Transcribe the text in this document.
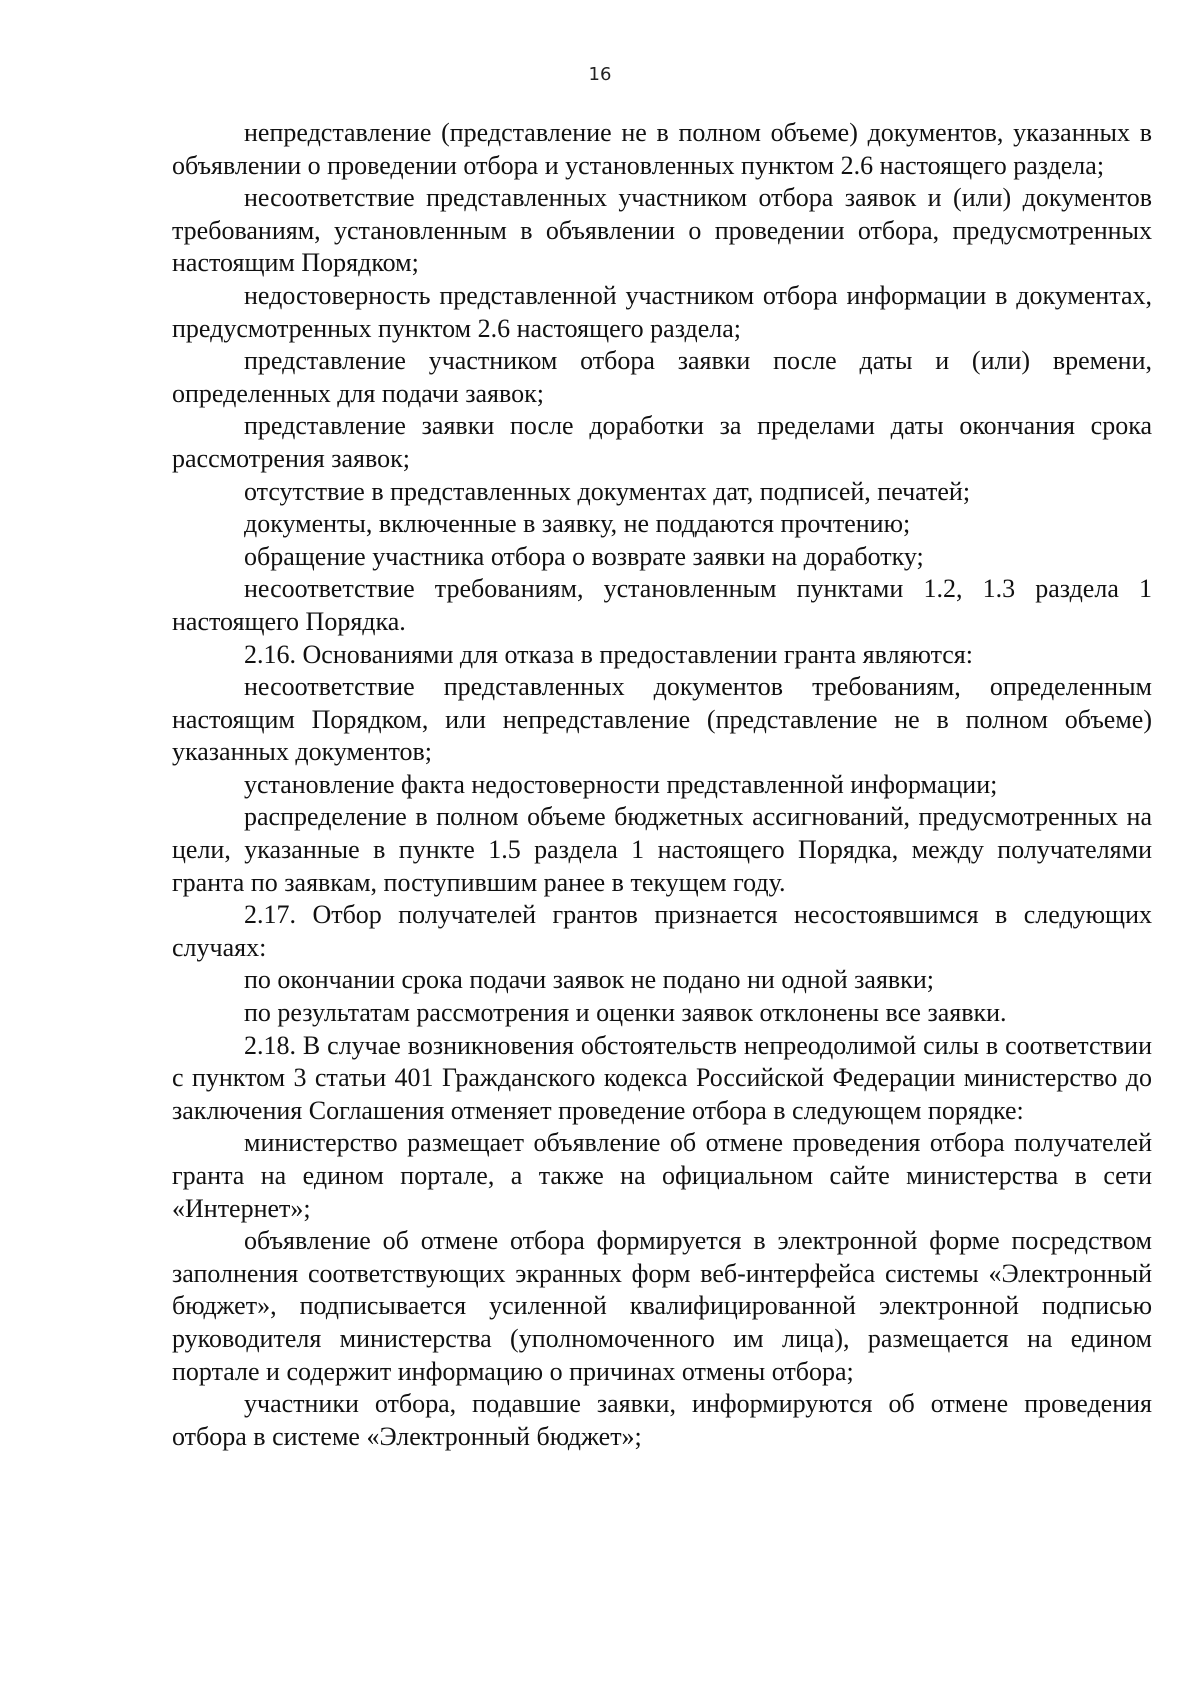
16

непредставление (представление не в полном объеме) документов, указанных в объявлении о проведении отбора и установленных пунктом 2.6 настоящего раздела;

несоответствие представленных участником отбора заявок и (или) документов требованиям, установленным в объявлении о проведении отбора, предусмотренных настоящим Порядком;

недостоверность представленной участником отбора информации в документах, предусмотренных пунктом 2.6 настоящего раздела;

представление участником отбора заявки после даты и (или) времени, определенных для подачи заявок;

представление заявки после доработки за пределами даты окончания срока рассмотрения заявок;

отсутствие в представленных документах дат, подписей, печатей;

документы, включенные в заявку, не поддаются прочтению;

обращение участника отбора о возврате заявки на доработку;

несоответствие требованиям, установленным пунктами 1.2, 1.3 раздела 1 настоящего Порядка.

2.16. Основаниями для отказа в предоставлении гранта являются:

несоответствие представленных документов требованиям, определенным настоящим Порядком, или непредставление (представление не в полном объеме) указанных документов;

установление факта недостоверности представленной информации;

распределение в полном объеме бюджетных ассигнований, предусмотренных на цели, указанные в пункте 1.5 раздела 1 настоящего Порядка, между получателями гранта по заявкам, поступившим ранее в текущем году.

2.17. Отбор получателей грантов признается несостоявшимся в следующих случаях:

по окончании срока подачи заявок не подано ни одной заявки;

по результатам рассмотрения и оценки заявок отклонены все заявки.

2.18. В случае возникновения обстоятельств непреодолимой силы в соответствии с пунктом 3 статьи 401 Гражданского кодекса Российской Федерации министерство до заключения Соглашения отменяет проведение отбора в следующем порядке:

министерство размещает объявление об отмене проведения отбора получателей гранта на едином портале, а также на официальном сайте министерства в сети «Интернет»;

объявление об отмене отбора формируется в электронной форме посредством заполнения соответствующих экранных форм веб-интерфейса системы «Электронный бюджет», подписывается усиленной квалифицированной электронной подписью руководителя министерства (уполномоченного им лица), размещается на едином портале и содержит информацию о причинах отмены отбора;

участники отбора, подавшие заявки, информируются об отмене проведения отбора в системе «Электронный бюджет»;
